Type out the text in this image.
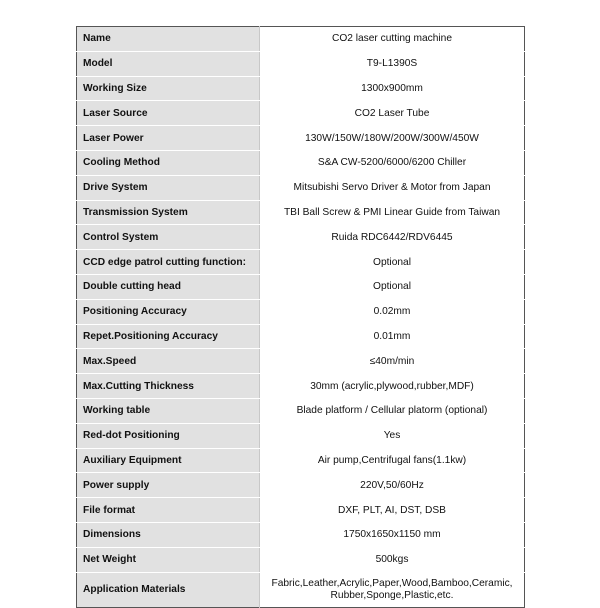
Name	CO2 laser cutting machine
Model	T9-L1390S
Working Size	1300x900mm
Laser Source	CO2 Laser Tube
Laser Power	130W/150W/180W/200W/300W/450W
Cooling Method	S&A CW-5200/6000/6200 Chiller
Drive System	Mitsubishi Servo Driver & Motor from Japan
Transmission System	TBI Ball Screw & PMI Linear Guide from Taiwan
Control System	Ruida RDC6442/RDV6445
CCD edge patrol cutting function:	Optional
Double cutting head	Optional
Positioning Accuracy	0.02mm
Repet.Positioning Accuracy	0.01mm
Max.Speed	≤40m/min
Max.Cutting Thickness	30mm (acrylic,plywood,rubber,MDF)
Working table	Blade platform / Cellular platorm (optional)
Red-dot Positioning	Yes
Auxiliary Equipment	Air pump,Centrifugal fans(1.1kw)
Power supply	220V,50/60Hz
File format	DXF, PLT, AI, DST, DSB
Dimensions	1750x1650x1150 mm
Net Weight	500kgs
Application Materials	Fabric,Leather,Acrylic,Paper,Wood,Bamboo,Ceramic, Rubber,Sponge,Plastic,etc.
